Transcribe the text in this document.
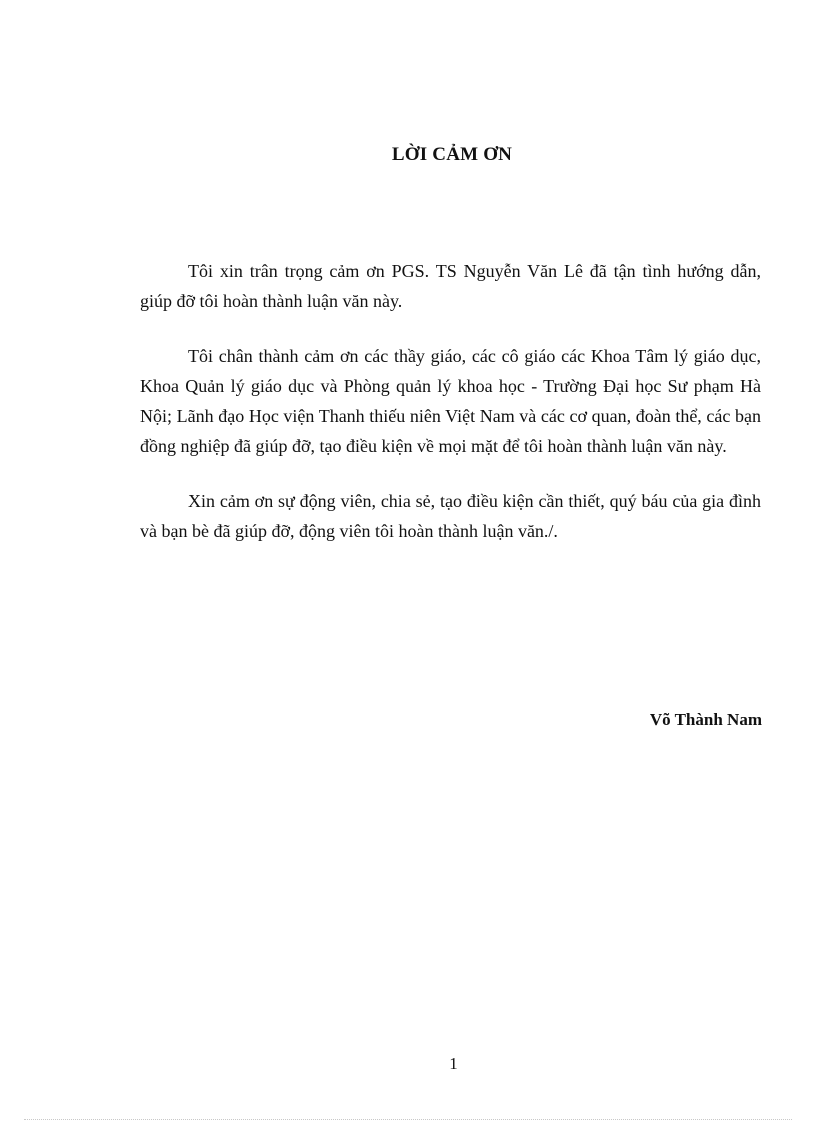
LỜI CẢM ƠN

Tôi xin trân trọng cảm ơn PGS. TS Nguyễn Văn Lê đã tận tình hướng dẫn, giúp đỡ tôi hoàn thành luận văn này.

Tôi chân thành cảm ơn các thầy giáo, các cô giáo các Khoa Tâm lý giáo dục, Khoa Quản lý giáo dục và Phòng quản lý khoa học - Trường Đại học Sư phạm Hà Nội; Lãnh đạo Học viện Thanh thiếu niên Việt Nam và các cơ quan, đoàn thể, các bạn đồng nghiệp đã giúp đỡ, tạo điều kiện về mọi mặt để tôi hoàn thành luận văn này.

Xin cảm ơn sự động viên, chia sẻ, tạo điều kiện cần thiết, quý báu của gia đình và bạn bè đã giúp đỡ, động viên tôi hoàn thành luận văn./.

Võ Thành Nam
1
